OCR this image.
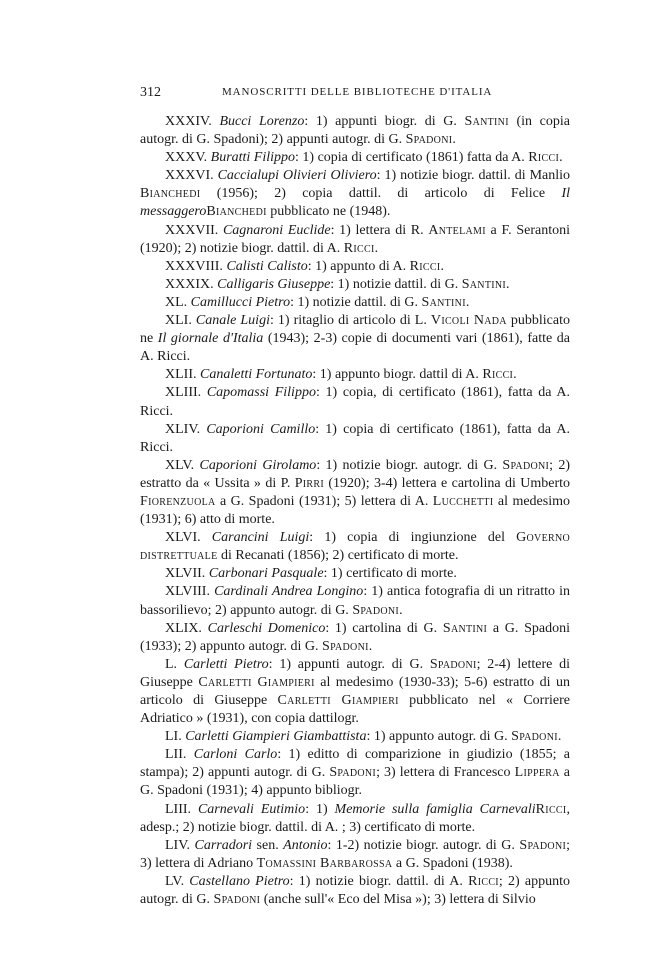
312	MANOSCRITTI DELLE BIBLIOTECHE D'ITALIA

XXXIV. Bucci Lorenzo: 1) appunti biogr. di G. Santini (in copia autogr. di G. Spadoni); 2) appunti autogr. di G. Spadoni.

XXXV. Buratti Filippo: 1) copia di certificato (1861) fatta da A. Ricci.

XXXVI. Caccialupi Olivieri Oliviero: 1) notizie biogr. dattil. di Manlio Bianchedi (1956); 2) copia dattil. di articolo di Felice Il messaggeroBianchedi pubblicato ne (1948).

XXXVII. Cagnaroni Euclide: 1) lettera di R. Antelami a F. Serantoni (1920); 2) notizie biogr. dattil. di A. Ricci.

XXXVIII. Calisti Calisto: 1) appunto di A. Ricci.

XXXIX. Calligaris Giuseppe: 1) notizie dattil. di G. Santini.

XL. Camillucci Pietro: 1) notizie dattil. di G. Santini.

XLI. Canale Luigi: 1) ritaglio di articolo di L. Vicoli Nada pubblicato ne Il giornale d'Italia (1943); 2-3) copie di documenti vari (1861), fatte da A. Ricci.

XLII. Canaletti Fortunato: 1) appunto biogr. dattil di A. Ricci.

XLIII. Capomassi Filippo: 1) copia, di certificato (1861), fatta da A. Ricci.

XLIV. Caporioni Camillo: 1) copia di certificato (1861), fatta da A. Ricci.

XLV. Caporioni Girolamo: 1) notizie biogr. autogr. di G. Spadoni; 2) estratto da « Ussita » di P. Pirri (1920); 3-4) lettera e cartolina di Umberto Fiorenzuola a G. Spadoni (1931); 5) lettera di A. Lucchetti al medesimo (1931); 6) atto di morte.

XLVI. Carancini Luigi: 1) copia di ingiunzione del Governo distrettuale di Recanati (1856); 2) certificato di morte.

XLVII. Carbonari Pasquale: 1) certificato di morte.

XLVIII. Cardinali Andrea Longino: 1) antica fotografia di un ritratto in bassorilievo; 2) appunto autogr. di G. Spadoni.

XLIX. Carleschi Domenico: 1) cartolina di G. Santini a G. Spadoni (1933); 2) appunto autogr. di G. Spadoni.

L. Carletti Pietro: 1) appunti autogr. di G. Spadoni; 2-4) lettere di Giuseppe Carletti Giampieri al medesimo (1930-33); 5-6) estratto di un articolo di Giuseppe Carletti Giampieri pubblicato nel « Corriere Adriatico » (1931), con copia dattilogr.

LI. Carletti Giampieri Giambattista: 1) appunto autogr. di G. Spadoni.

LII. Carloni Carlo: 1) editto di comparizione in giudizio (1855; a stampa); 2) appunti autogr. di G. Spadoni; 3) lettera di Francesco Lippera a G. Spadoni (1931); 4) appunto bibliogr.

LIII. Carnevali Eutimio: 1) Memorie sulla famiglia CarnevaliRicci, adesp.; 2) notizie biogr. dattil. di A. ; 3) certificato di morte.

LIV. Carradori sen. Antonio: 1-2) notizie biogr. autogr. di G. Spadoni; 3) lettera di Adriano Tomassini Barbarossa a G. Spadoni (1938).

LV. Castellano Pietro: 1) notizie biogr. dattil. di A. Ricci; 2) appunto autogr. di G. Spadoni (anche sull'« Eco del Misa »); 3) lettera di Silvio
